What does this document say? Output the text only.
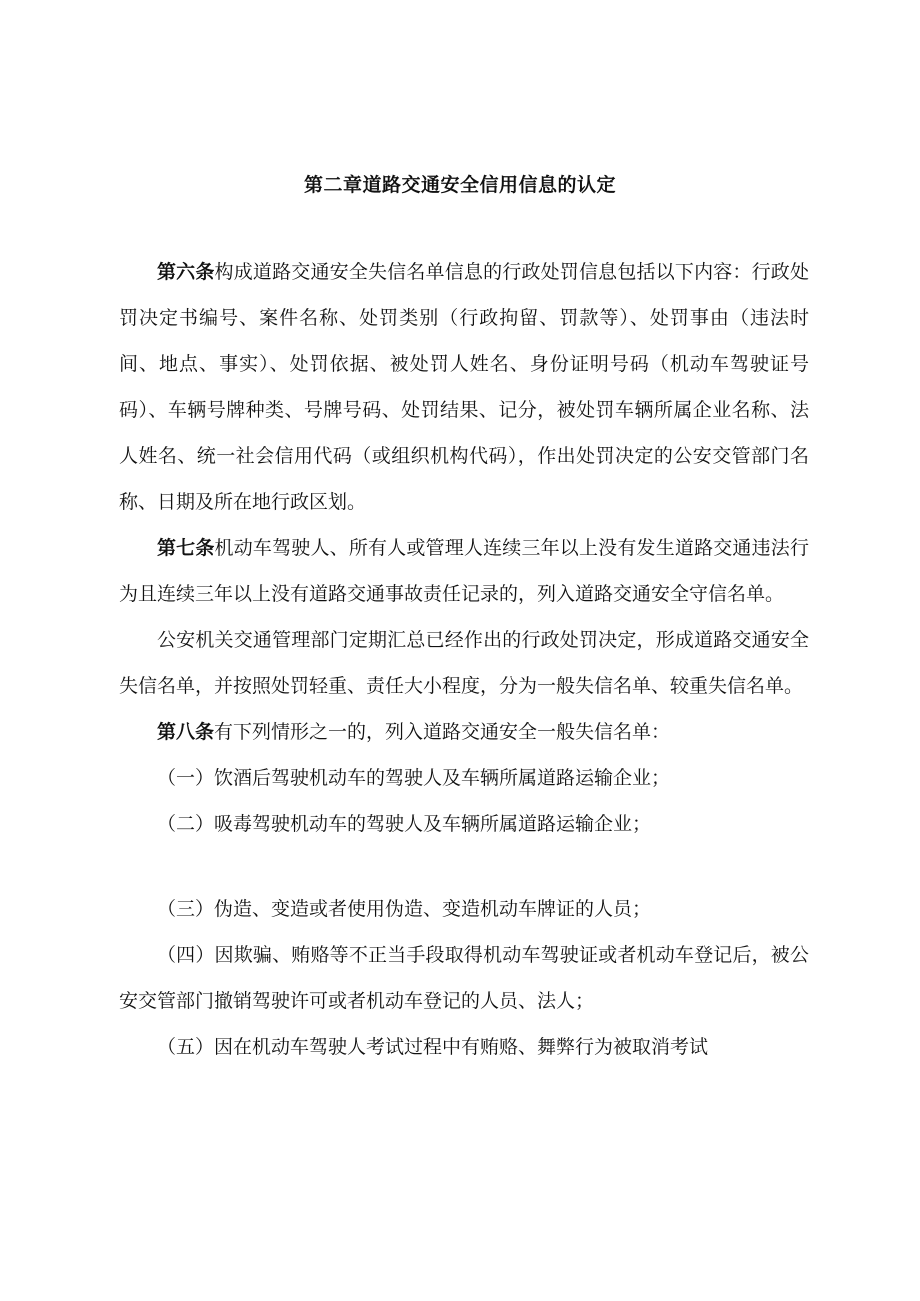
第二章道路交通安全信用信息的认定

第六条构成道路交通安全失信名单信息的行政处罚信息包括以下内容：行政处罚决定书编号、案件名称、处罚类别（行政拘留、罚款等）、处罚事由（违法时间、地点、事实）、处罚依据、被处罚人姓名、身份证明号码（机动车驾驶证号码）、车辆号牌种类、号牌号码、处罚结果、记分，被处罚车辆所属企业名称、法人姓名、统一社会信用代码（或组织机构代码），作出处罚决定的公安交管部门名称、日期及所在地行政区划。

第七条机动车驾驶人、所有人或管理人连续三年以上没有发生道路交通违法行为且连续三年以上没有道路交通事故责任记录的，列入道路交通安全守信名单。

公安机关交通管理部门定期汇总已经作出的行政处罚决定，形成道路交通安全失信名单，并按照处罚轻重、责任大小程度，分为一般失信名单、较重失信名单。

第八条有下列情形之一的，列入道路交通安全一般失信名单：

（一）饮酒后驾驶机动车的驾驶人及车辆所属道路运输企业；

（二）吸毒驾驶机动车的驾驶人及车辆所属道路运输企业；

（三）伪造、变造或者使用伪造、变造机动车牌证的人员；

（四）因欺骗、贿赂等不正当手段取得机动车驾驶证或者机动车登记后，被公安交管部门撤销驾驶许可或者机动车登记的人员、法人；

（五）因在机动车驾驶人考试过程中有贿赂、舞弊行为被取消考试
